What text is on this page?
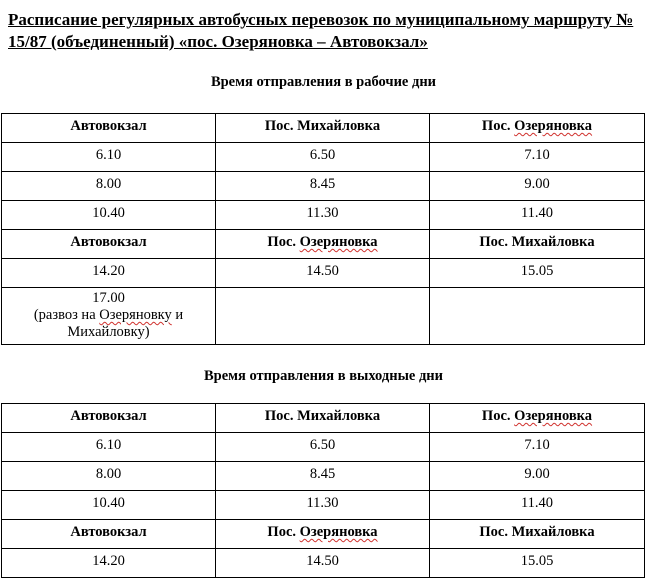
Расписание регулярных автобусных перевозок по муниципальному маршруту № 15/87 (объединенный) «пос. Озеряновка – Автовокзал»
Время отправления в рабочие дни
Автовокзал	Пос. Михайловка	Пос. Озеряновка
6.10	6.50	7.10
8.00	8.45	9.00
10.40	11.30	11.40
Автовокзал	Пос. Озеряновка	Пос. Михайловка
14.20	14.50	15.05

17.00
(развоз на Озеряновку и
Михайловку)		

Время отправления в выходные дни
Автовокзал	Пос. Михайловка	Пос. Озеряновка
6.10	6.50	7.10
8.00	8.45	9.00
10.40	11.30	11.40
Автовокзал	Пос. Озеряновка	Пос. Михайловка
14.20	14.50	15.05
